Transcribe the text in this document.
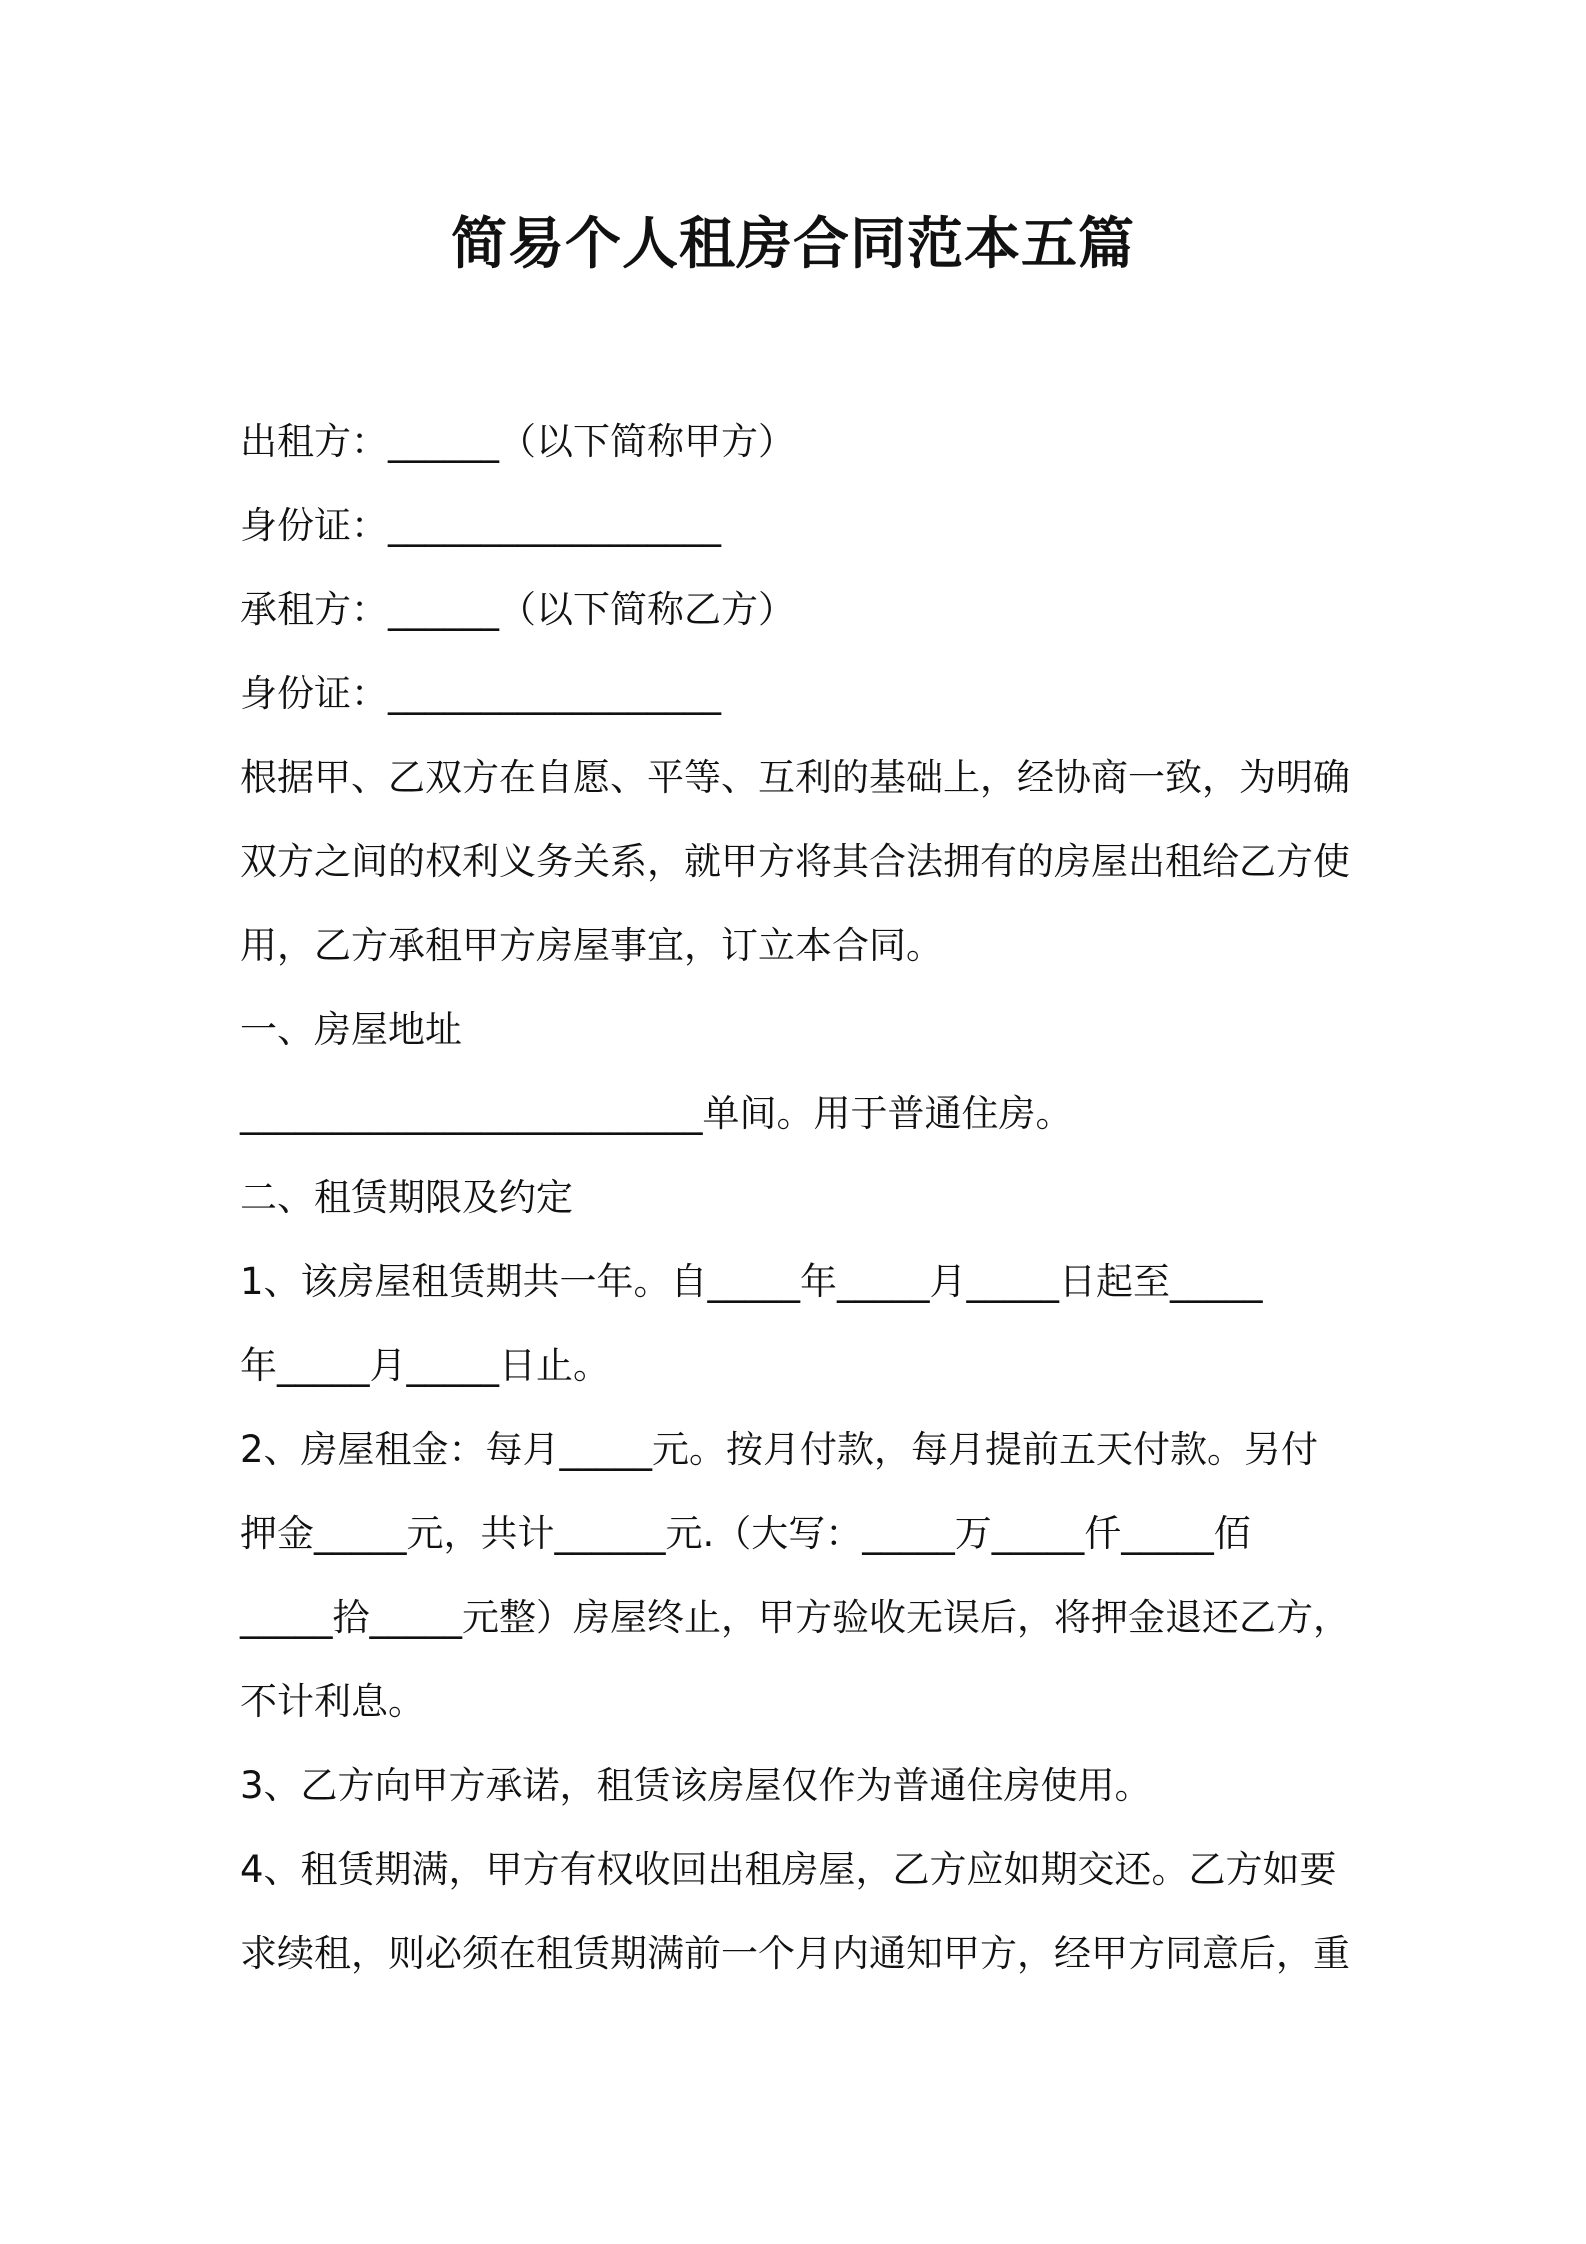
简易个人租房合同范本五篇
出租方：______（以下简称甲方）
身份证：__________________
承租方：______（以下简称乙方）
身份证：__________________
根据甲、乙双方在自愿、平等、互利的基础上，经协商一致，为明确
双方之间的权利义务关系，就甲方将其合法拥有的房屋出租给乙方使
用，乙方承租甲方房屋事宜，订立本合同。
一、房屋地址
_________________________单间。用于普通住房。
二、租赁期限及约定
1、该房屋租赁期共一年。自_____年_____月_____日起至_____
年_____月_____日止。
2、房屋租金：每月_____元。按月付款，每月提前五天付款。另付
押金_____元，共计______元.（大写：_____万_____仟_____佰
_____拾_____元整）房屋终止，甲方验收无误后，将押金退还乙方，
不计利息。
3、乙方向甲方承诺，租赁该房屋仅作为普通住房使用。
4、租赁期满，甲方有权收回出租房屋，乙方应如期交还。乙方如要
求续租，则必须在租赁期满前一个月内通知甲方，经甲方同意后，重
